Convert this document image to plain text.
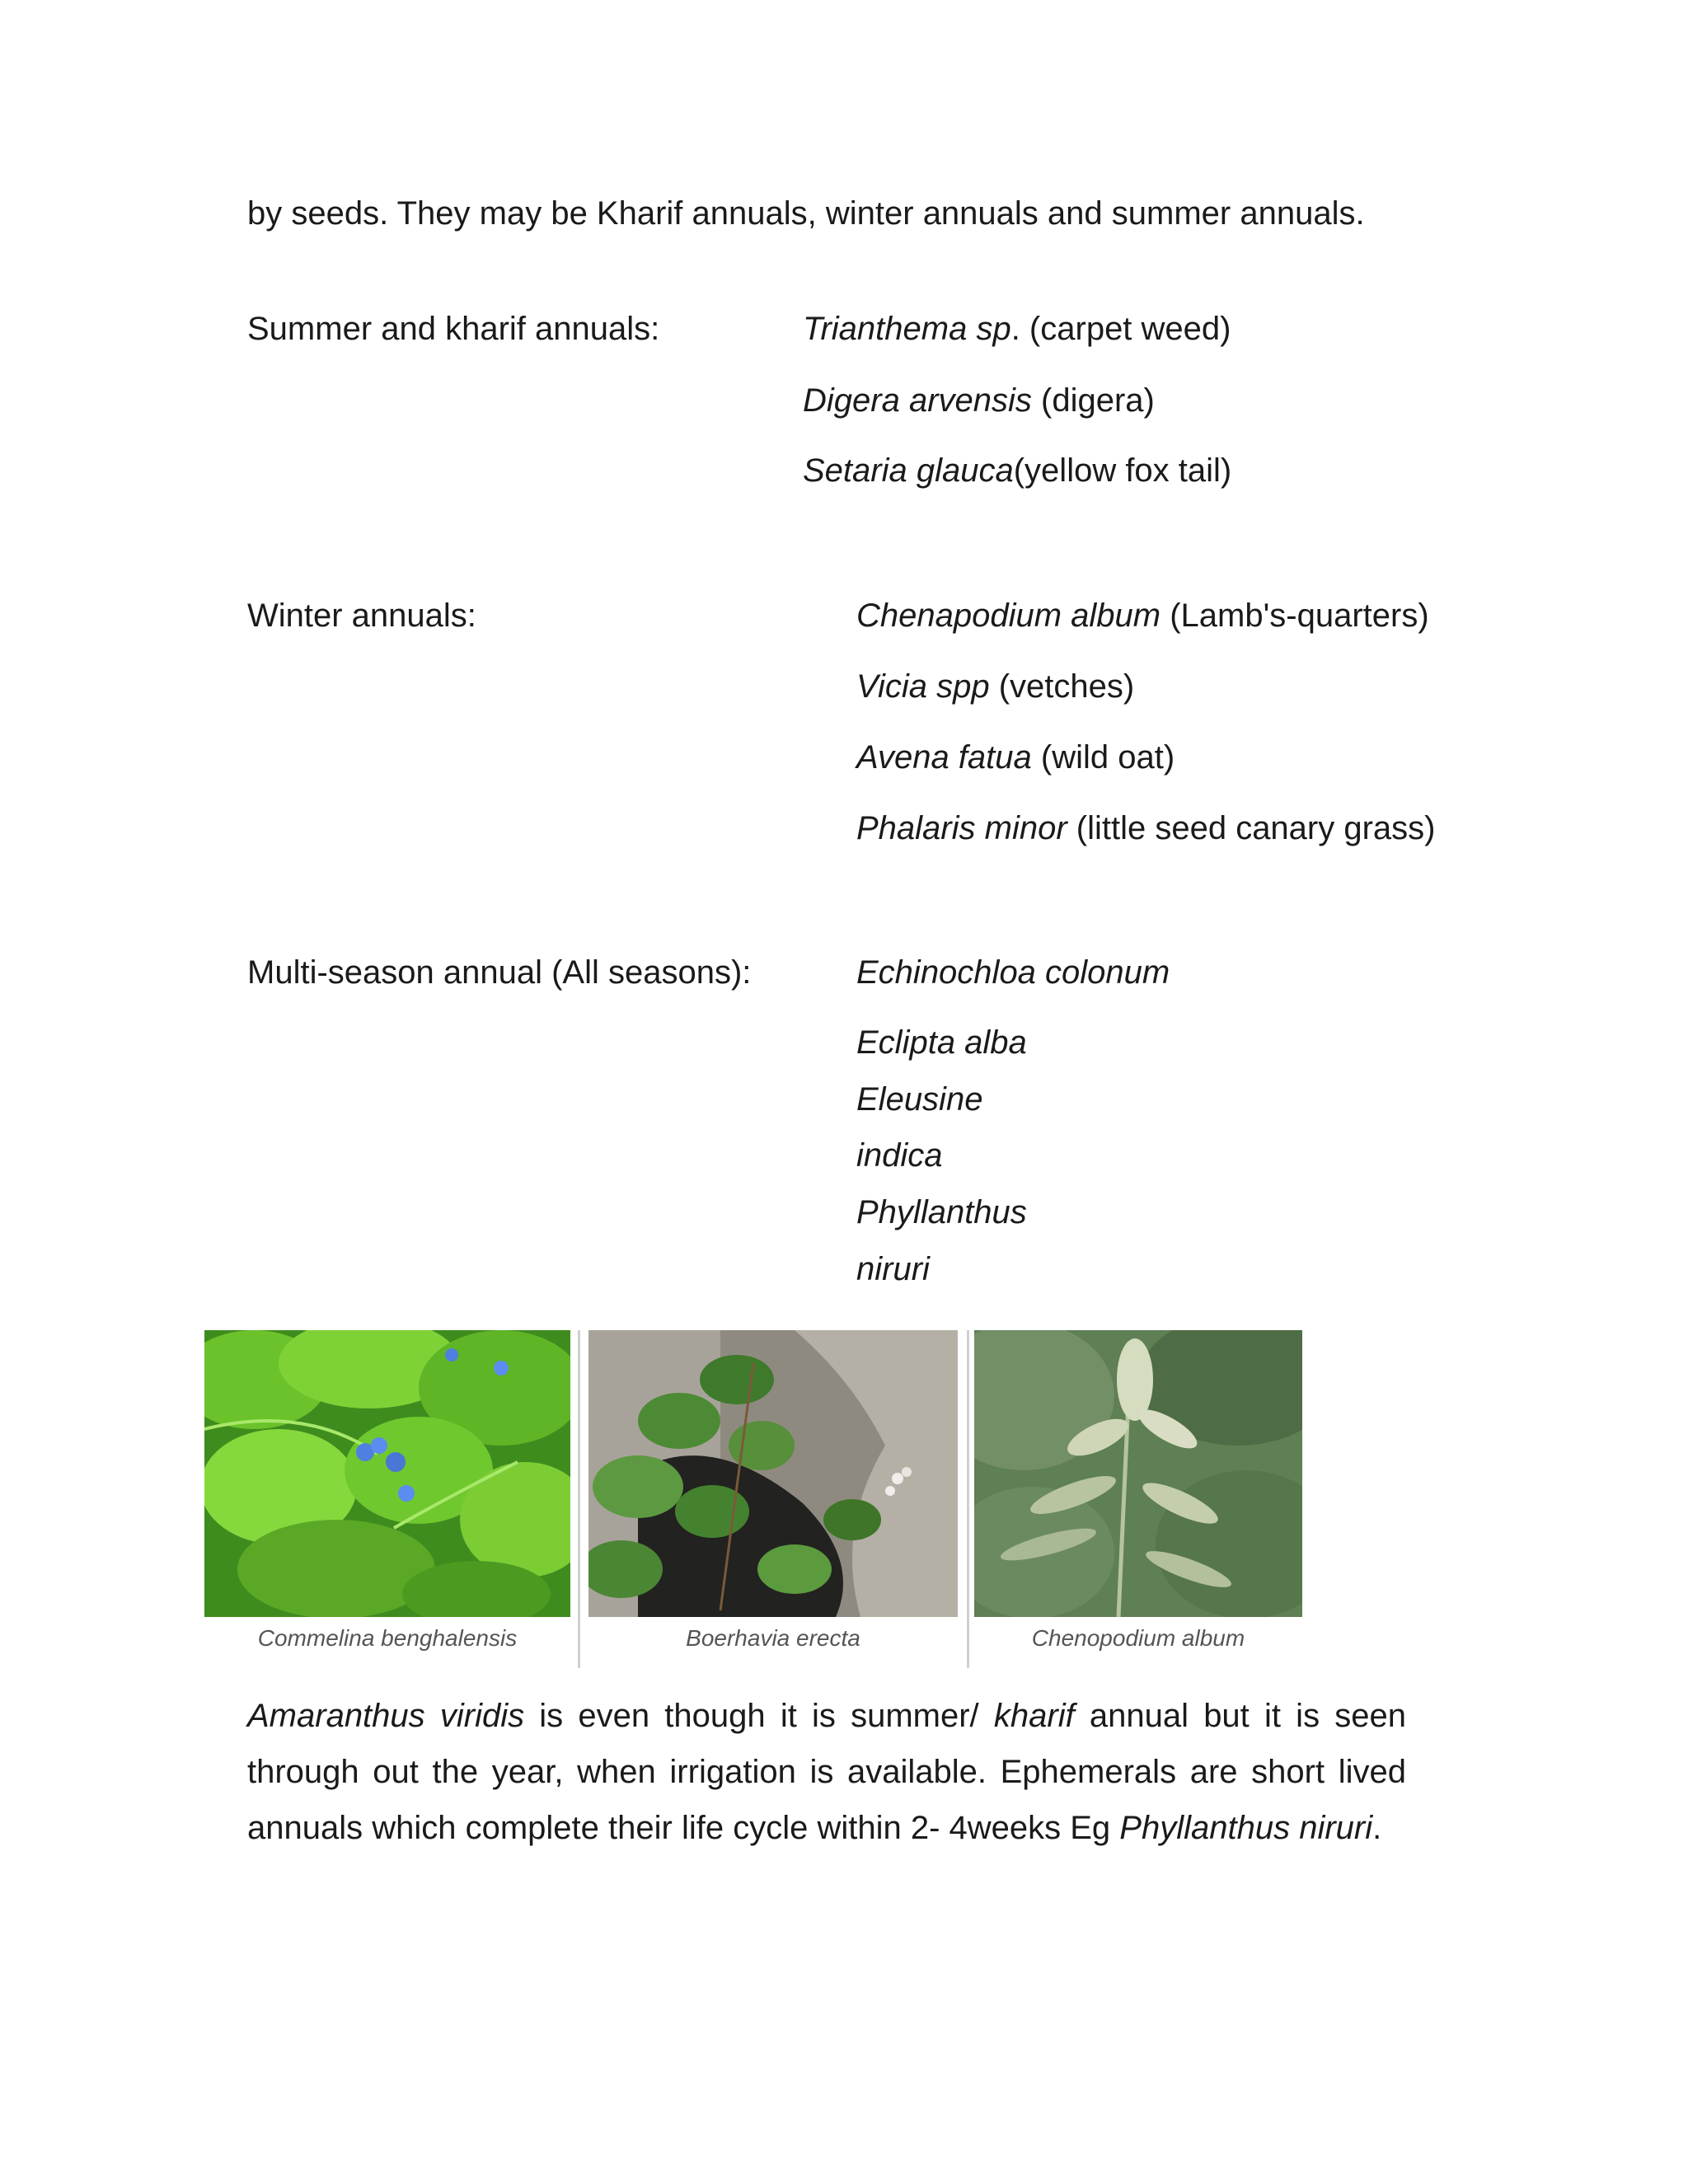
by seeds. They may be Kharif annuals, winter annuals and summer annuals.
Summer and kharif annuals:	Trianthema sp. (carpet weed)
Digera arvensis (digera)
Setaria glauca(yellow fox tail)
Winter annuals:	Chenapodium album (Lamb's-quarters)
Vicia spp (vetches)
Avena fatua (wild oat)
Phalaris minor (little seed canary grass)
Multi-season annual (All seasons):	Echinochloa colonum
Eclipta alba
Eleusine
indica
Phyllanthus
niruri
Commelina benghalensis	Boerhavia erecta	Chenopodium album
Amaranthus viridis is even though it is summer/ kharif annual but it is seen through out the year, when irrigation is available. Ephemerals are short lived annuals which complete their life cycle within 2- 4weeks Eg Phyllanthus niruri.
